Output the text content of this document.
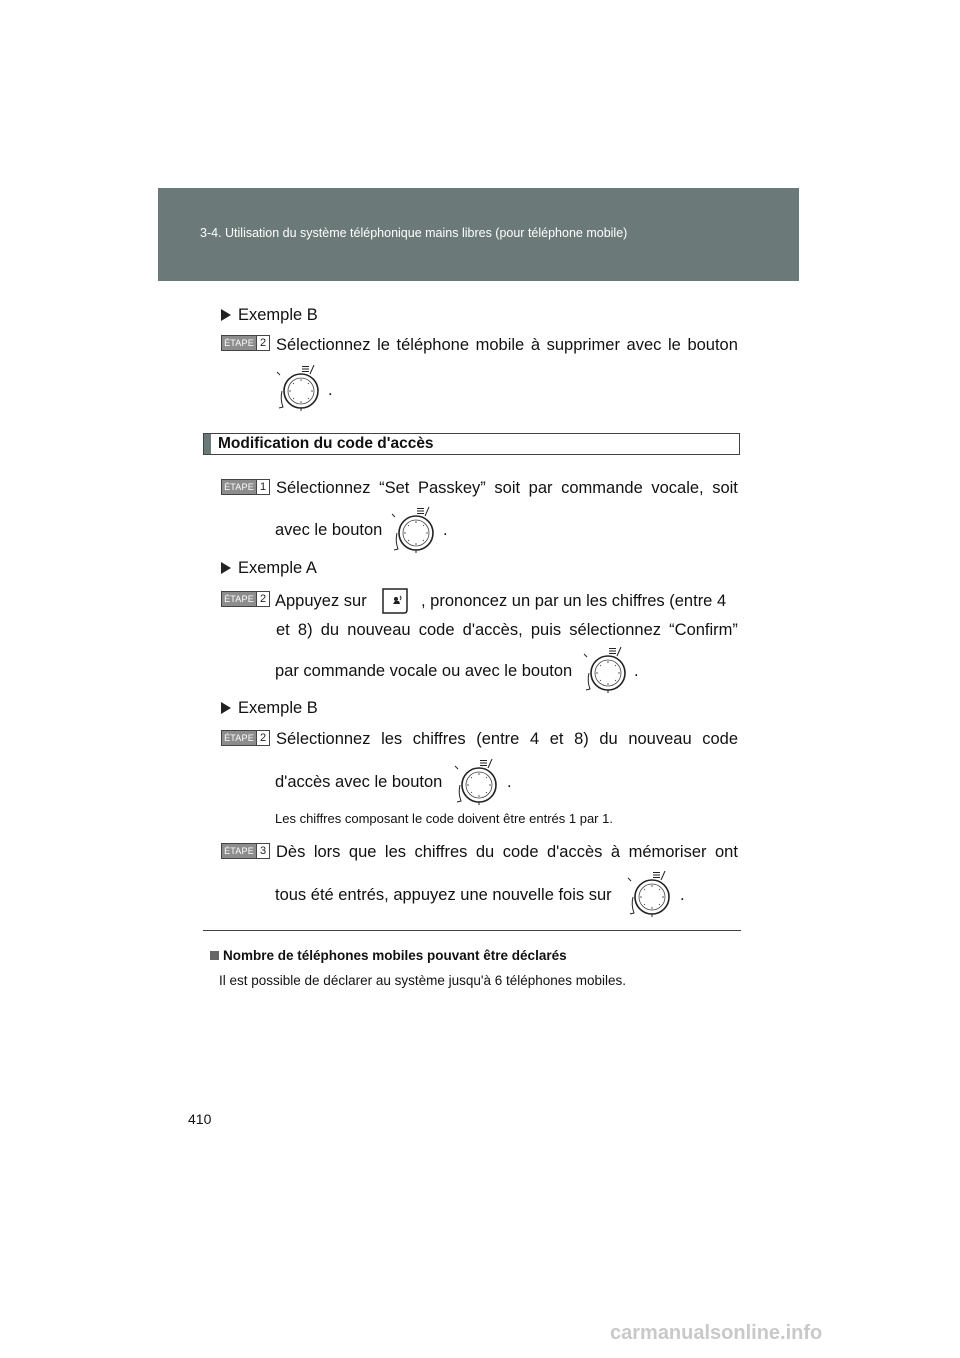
3-4. Utilisation du système téléphonique mains libres (pour téléphone mobile)
Exemple B
ÉTAPE 2 Sélectionnez le téléphone mobile à supprimer avec le bouton
.
Modification du code d'accès
ÉTAPE 1 Sélectionnez “Set Passkey” soit par commande vocale, soit
avec le bouton	.
Exemple A
ÉTAPE 2 Appuyez sur	, prononcez un par un les chiffres (entre 4
et 8) du nouveau code d'accès, puis sélectionnez “Confirm”
par commande vocale ou avec le bouton	.
Exemple B
ÉTAPE 2 Sélectionnez les chiffres (entre 4 et 8) du nouveau code
d'accès avec le bouton	.
Les chiffres composant le code doivent être entrés 1 par 1.
ÉTAPE 3 Dès lors que les chiffres du code d'accès à mémoriser ont
tous été entrés, appuyez une nouvelle fois sur	.
Nombre de téléphones mobiles pouvant être déclarés
Il est possible de déclarer au système jusqu'à 6 téléphones mobiles.
410
carmanualsonline.info
